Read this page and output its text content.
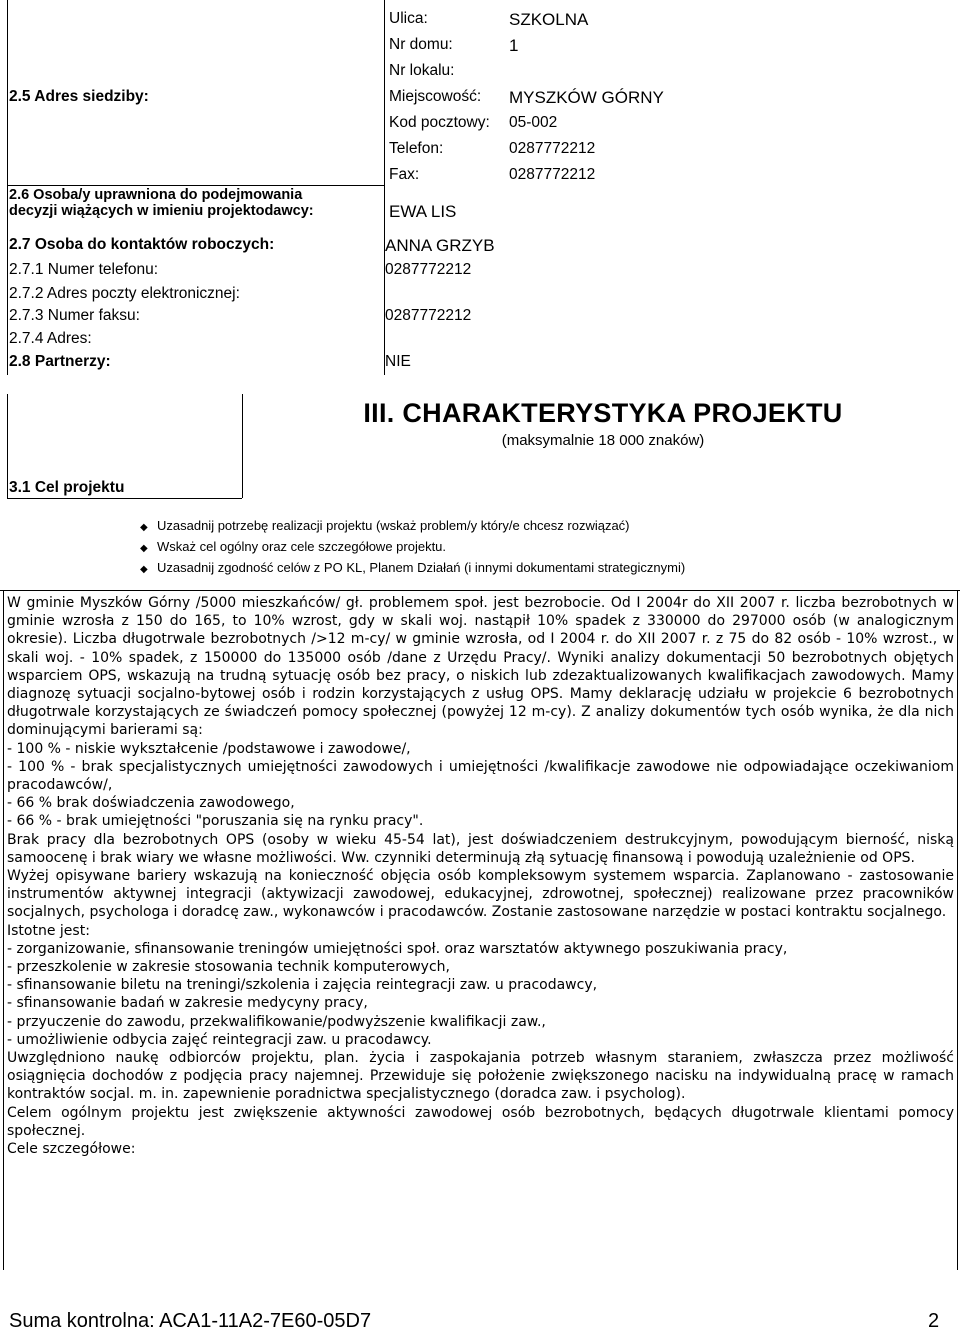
2.5 Adres siedziby:
Ulica:	SZKOLNA
Nr domu:	1
Nr lokalu:
Miejscowość: MYSZKÓW GÓRNY
Kod pocztowy: 05-002
Telefon:	0287772212
Fax:	0287772212
2.6 Osoba/y uprawniona do podejmowania
decyzji wiążących w imieniu projektodawcy:	EWA LIS
2.7 Osoba do kontaktów roboczych:	ANNA GRZYB
2.7.1 Numer telefonu:	0287772212
2.7.2 Adres poczty elektronicznej:
2.7.3 Numer faksu:	0287772212
2.7.4 Adres:
2.8 Partnerzy:	NIE
III. CHARAKTERYSTYKA PROJEKTU
(maksymalnie 18 000 znaków)
3.1 Cel projektu
◆ Uzasadnij potrzebę realizacji projektu (wskaż problem/y który/e chcesz rozwiązać)
◆ Wskaż cel ogólny oraz cele szczegółowe projektu.
◆ Uzasadnij zgodność celów z PO KL, Planem Działań (i innymi dokumentami strategicznymi)

W gminie Myszków Górny /5000 mieszkańców/ gł. problemem społ. jest bezrobocie. Od I 2004r do XII 2007 r. liczba bezrobotnych w gminie wzrosła z 150 do 165, to 10% wzrost, gdy w skali woj. nastąpił 10% spadek z 330000 do 297000 osób (w analogicznym okresie). Liczba długotrwale bezrobotnych />12 m-cy/ w gminie wzrosła, od I 2004 r. do XII 2007 r. z 75 do 82 osób - 10% wzrost., w skali woj. - 10% spadek, z 150000 do 135000 osób /dane z Urzędu Pracy/. Wyniki analizy dokumentacji 50 bezrobotnych objętych wsparciem OPS, wskazują na trudną sytuację osób bez pracy, o niskich lub zdezaktualizowanych kwalifikacjach zawodowych. Mamy diagnozę sytuacji socjalno-bytowej osób i rodzin korzystających z usług OPS. Mamy deklarację udziału w projekcie 6 bezrobotnych długotrwale korzystających ze świadczeń pomocy społecznej (powyżej 12 m-cy). Z analizy dokumentów tych osób wynika, że dla nich dominującymi barierami są:

- 100 % - niskie wykształcenie /podstawowe i zawodowe/,

- 100 % - brak specjalistycznych umiejętności zawodowych i umiejętności /kwalifikacje zawodowe nie odpowiadające oczekiwaniom pracodawców/,

- 66 % brak doświadczenia zawodowego,

- 66 % - brak umiejętności "poruszania się na rynku pracy".

Brak pracy dla bezrobotnych OPS (osoby w wieku 45-54 lat), jest doświadczeniem destrukcyjnym, powodującym bierność, niską samoocenę i brak wiary we własne możliwości. Ww. czynniki determinują złą sytuację finansową i powodują uzależnienie od OPS.

Wyżej opisywane bariery wskazują na konieczność objęcia osób kompleksowym systemem wsparcia. Zaplanowano - zastosowanie instrumentów aktywnej integracji (aktywizacji zawodowej, edukacyjnej, zdrowotnej, społecznej) realizowane przez pracowników socjalnych, psychologa i doradcę zaw., wykonawców i pracodawców. Zostanie zastosowane narzędzie w postaci kontraktu socjalnego.

Istotne jest:

- zorganizowanie, sfinansowanie treningów umiejętności społ. oraz warsztatów aktywnego poszukiwania pracy,

- przeszkolenie w zakresie stosowania technik komputerowych,

- sfinansowanie biletu na treningi/szkolenia i zajęcia reintegracji zaw. u pracodawcy,

- sfinansowanie badań w zakresie medycyny pracy,

- przyuczenie do zawodu, przekwalifikowanie/podwyższenie kwalifikacji zaw.,

- umożliwienie odbycia zajęć reintegracji zaw. u pracodawcy.

Uwzględniono naukę odbiorców projektu, plan. życia i zaspokajania potrzeb własnym staraniem, zwłaszcza przez możliwość osiągnięcia dochodów z podjęcia pracy najemnej. Przewiduje się położenie zwiększonego nacisku na indywidualną pracę w ramach kontraktów socjal. m. in. zapewnienie poradnictwa specjalistycznego (doradca zaw. i psycholog).

Celem ogólnym projektu jest zwiększenie aktywności zawodowej osób bezrobotnych, będących długotrwale klientami pomocy społecznej.

Cele szczegółowe:

Suma kontrolna: ACA1-11A2-7E60-05D7	2
